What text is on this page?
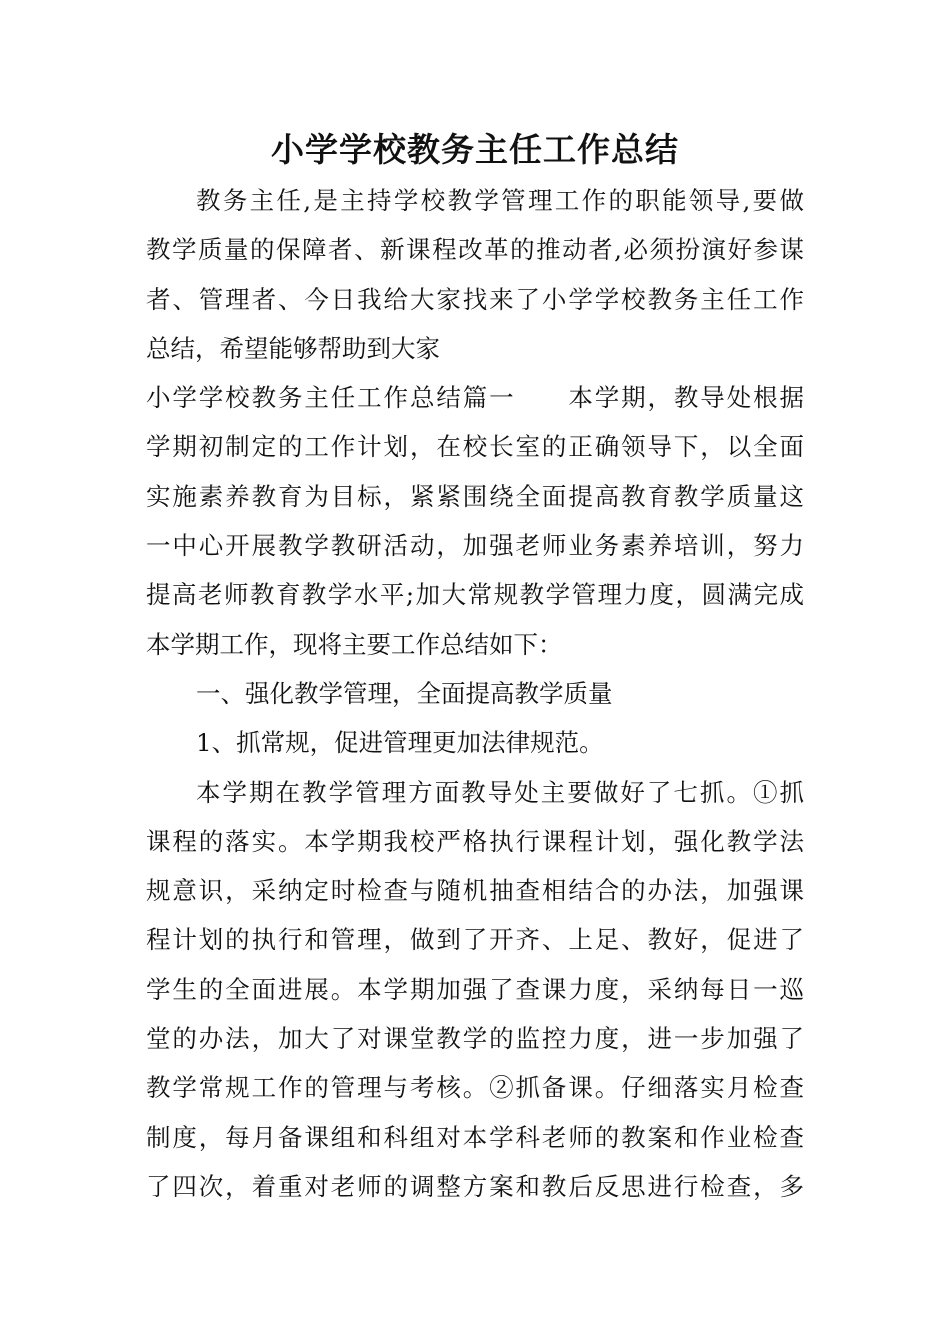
小学学校教务主任工作总结
教务主任,是主持学校教学管理工作的职能领导,要做
教学质量的保障者、新课程改革的推动者,必须扮演好参谋
者、管理者、今日我给大家找来了小学学校教务主任工作
总结，希望能够帮助到大家
小学学校教务主任工作总结篇一　　本学期，教导处根据
学期初制定的工作计划，在校长室的正确领导下，以全面
实施素养教育为目标，紧紧围绕全面提高教育教学质量这
一中心开展教学教研活动，加强老师业务素养培训，努力
提高老师教育教学水平;加大常规教学管理力度，圆满完成
本学期工作，现将主要工作总结如下：
一、强化教学管理，全面提高教学质量
1、抓常规，促进管理更加法律规范。
本学期在教学管理方面教导处主要做好了七抓。①抓
课程的落实。本学期我校严格执行课程计划，强化教学法
规意识，采纳定时检查与随机抽查相结合的办法，加强课
程计划的执行和管理，做到了开齐、上足、教好，促进了
学生的全面进展。本学期加强了查课力度，采纳每日一巡
堂的办法，加大了对课堂教学的监控力度，进一步加强了
教学常规工作的管理与考核。②抓备课。仔细落实月检查
制度，每月备课组和科组对本学科老师的教案和作业检查
了四次，着重对老师的调整方案和教后反思进行检查，多
